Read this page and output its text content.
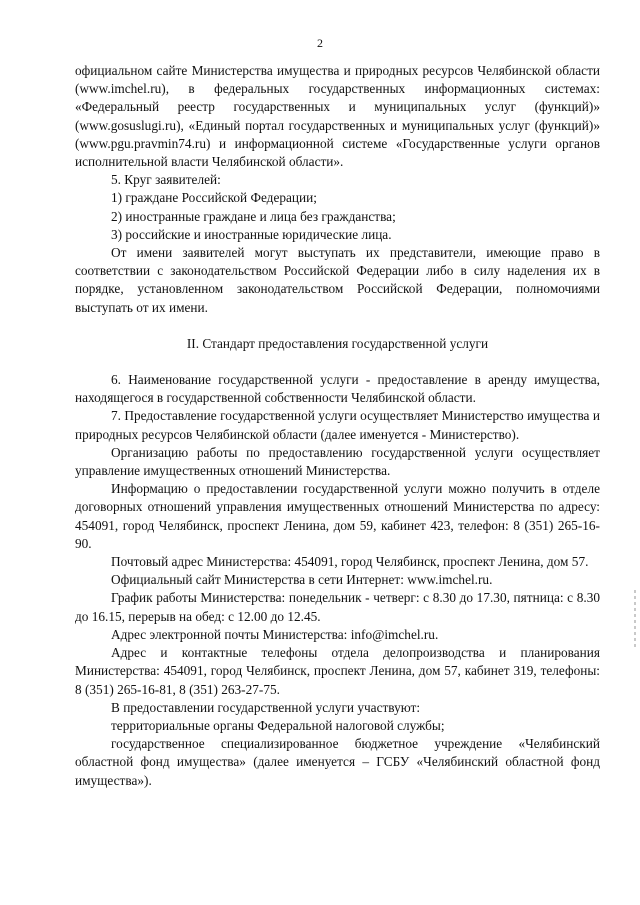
2

официальном сайте Министерства имущества и природных ресурсов Челябинской области (www.imchel.ru), в федеральных государственных информационных системах: «Федеральный реестр государственных и муниципальных услуг (функций)» (www.gosuslugi.ru), «Единый портал государственных и муниципальных услуг (функций)» (www.pgu.pravmin74.ru) и информационной системе «Государственные услуги органов исполнительной власти Челябинской области».

5. Круг заявителей:

1) граждане Российской Федерации;

2) иностранные граждане и лица без гражданства;

3) российские и иностранные юридические лица.

От имени заявителей могут выступать их представители, имеющие право в соответствии с законодательством Российской Федерации либо в силу наделения их в порядке, установленном законодательством Российской Федерации, полномочиями выступать от их имени.

II. Стандарт предоставления государственной услуги

6. Наименование государственной услуги - предоставление в аренду имущества, находящегося в государственной собственности Челябинской области.

7. Предоставление государственной услуги осуществляет Министерство имущества и природных ресурсов Челябинской области (далее именуется - Министерство).

Организацию работы по предоставлению государственной услуги осуществляет управление имущественных отношений Министерства.

Информацию о предоставлении государственной услуги можно получить в отделе договорных отношений управления имущественных отношений Министерства по адресу: 454091, город Челябинск, проспект Ленина, дом 59, кабинет 423, телефон: 8 (351) 265-16-90.

Почтовый адрес Министерства: 454091, город Челябинск, проспект Ленина, дом 57.

Официальный сайт Министерства в сети Интернет: www.imchel.ru.

График работы Министерства: понедельник - четверг: с 8.30 до 17.30, пятница: с 8.30 до 16.15, перерыв на обед: с 12.00 до 12.45.

Адрес электронной почты Министерства: info@imchel.ru.

Адрес и контактные телефоны отдела делопроизводства и планирования Министерства: 454091, город Челябинск, проспект Ленина, дом 57, кабинет 319, телефоны: 8 (351) 265-16-81, 8 (351) 263-27-75.

В предоставлении государственной услуги участвуют:

территориальные органы Федеральной налоговой службы;

государственное специализированное бюджетное учреждение «Челябинский областной фонд имущества» (далее именуется – ГСБУ «Челябинский областной фонд имущества»).
